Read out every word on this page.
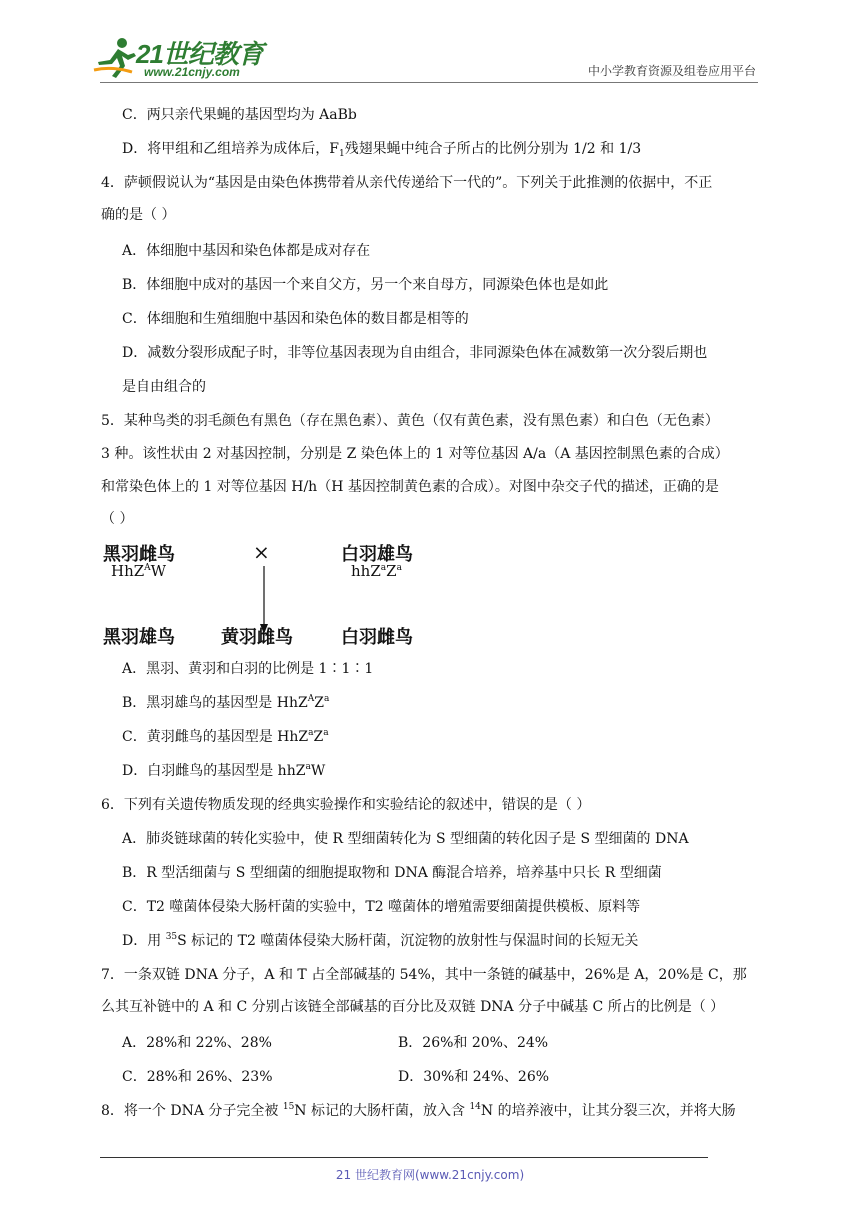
21世纪教育
www.21cnjy.com	中小学教育资源及组卷应用平台
C．两只亲代果蝇的基因型均为 AaBb
D．将甲组和乙组培养为成体后，$F_1$残翅果蝇中纯合子所占的比例分别为 1/2 和 1/3
4．萨顿假说认为“基因是由染色体携带着从亲代传递给下一代的”。下列关于此推测的依据中，不正
确的是（ ）
A．体细胞中基因和染色体都是成对存在
B．体细胞中成对的基因一个来自父方，另一个来自母方，同源染色体也是如此
C．体细胞和生殖细胞中基因和染色体的数目都是相等的
D．减数分裂形成配子时，非等位基因表现为自由组合，非同源染色体在减数第一次分裂后期也
是自由组合的
5．某种鸟类的羽毛颜色有黑色（存在黑色素）、黄色（仅有黄色素，没有黑色素）和白色（无色素）
3 种。该性状由 2 对基因控制，分别是 Z 染色体上的 1 对等位基因 A/a（A 基因控制黑色素的合成）
和常染色体上的 1 对等位基因 H/h（H 基因控制黄色素的合成）。对图中杂交子代的描述，正确的是
（ ）
A．黑羽、黄羽和白羽的比例是 1∶1∶1
B．黑羽雄鸟的基因型是 $HhZ^AZ^a$
C．黄羽雌鸟的基因型是 $HhZ^aZ^a$
D．白羽雌鸟的基因型是 hhZ$^a$W
6．下列有关遗传物质发现的经典实验操作和实验结论的叙述中，错误的是（ ）
A．肺炎链球菌的转化实验中，使 R 型细菌转化为 S 型细菌的转化因子是 S 型细菌的 DNA
B．R 型活细菌与 S 型细菌的细胞提取物和 DNA 酶混合培养，培养基中只长 R 型细菌
C．T2 噬菌体侵染大肠杆菌的实验中，T2 噬菌体的增殖需要细菌提供模板、原料等
D．用 $^{35}$S 标记的 T2 噬菌体侵染大肠杆菌，沉淀物的放射性与保温时间的长短无关
7．一条双链 DNA 分子，A 和 T 占全部碱基的 54%，其中一条链的碱基中，26%是 A，20%是 C，那
么其互补链中的 A 和 C 分别占该链全部碱基的百分比及双链 DNA 分子中碱基 C 所占的比例是（ ）
A．28%和 22%、28%	B．26%和 20%、24%
C．28%和 26%、23%	D．30%和 24%、26%
8．将一个 DNA 分子完全被 $^{15}$N 标记的大肠杆菌，放入含 $^{14}$N 的培养液中，让其分裂三次，并将大肠
黑羽雌鸟
HhZ$^A$W
×	白羽雄鸟
$hhZ^aZ^a$
黑羽雄鸟	黄羽雌鸟	白羽雌鸟
21 世纪教育网(www.21cnjy.com)
